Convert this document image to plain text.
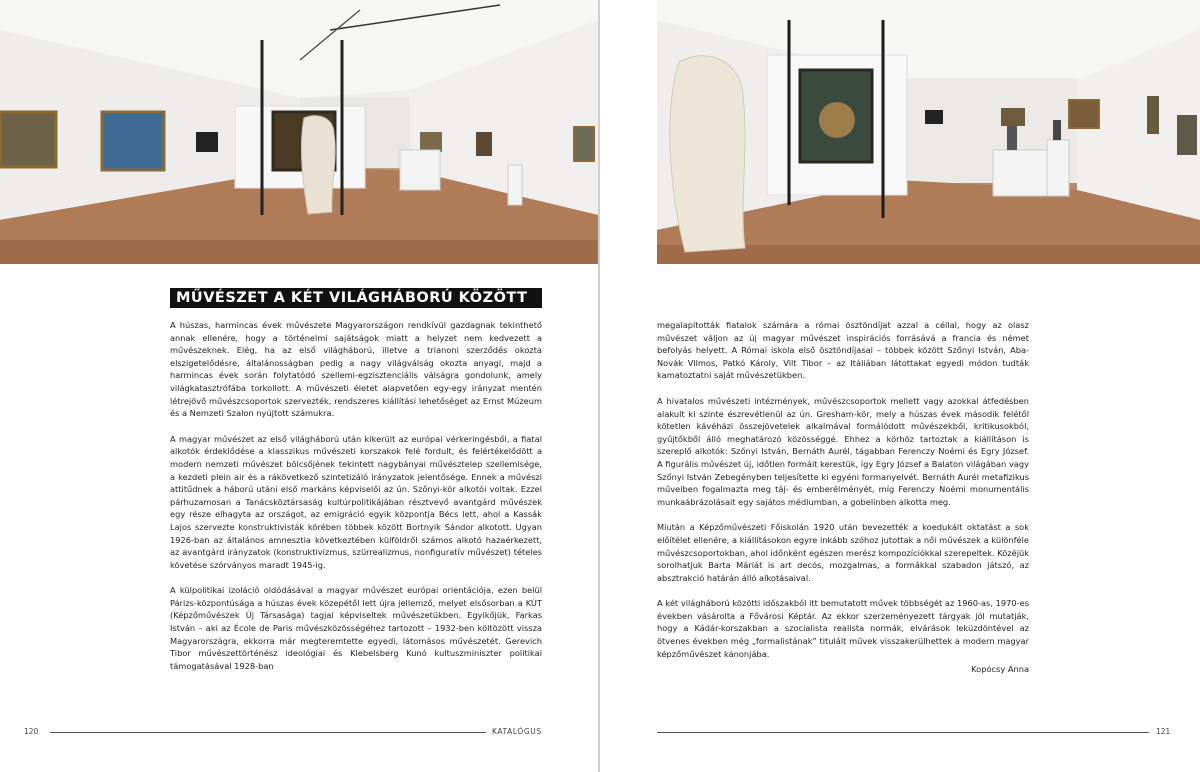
MŰVÉSZET A KÉT VILÁGHÁBORÚ KÖZÖTT

A húszas, harmincas évek művészete Magyarországon rendkívül gazdagnak tekinthető annak ellenére, hogy a történelmi sajátságok miatt a helyzet nem kedvezett a művészeknek. Elég, ha az első világháború, illetve a trianoni szerződés okozta elszigetelődésre, általánosságban pedig a nagy világválság okozta anyagi, majd a harmincas évek során folytatódó szellemi-egzisztenciális válságra gondolunk, amely világkatasztrófába torkollott. A művészeti életet alapvetően egy-egy irányzat mentén létrejövő művészcsoportok szervezték, rendszeres kiállítási lehetőséget az Ernst Múzeum és a Nemzeti Szalon nyújtott számukra.

A magyar művészet az első világháború után kikerült az európai vérkeringésből, a fiatal alkotók érdeklődése a klasszikus művészeti korszakok felé fordult, és felértékelődött a modern nemzeti művészet bölcsőjének tekintett nagybányai művésztelep szellemisége, a kezdeti plein air és a rákövetkező szintetizáló irányzatok jelentősége. Ennek a művészi attitűdnek a háború utáni első markáns képviselői az ún. Szőnyi-kör alkotói voltak. Ezzel párhuzamosan a Tanácsköztársaság kultúrpolitikájában résztvevő avantgárd művészek egy része elhagyta az országot, az emigráció egyik központja Bécs lett, ahol a Kassák Lajos szervezte konstruktivisták körében többek között Bortnyik Sándor alkotott. Ugyan 1926-ban az általános amnesztia következtében külföldről számos alkotó hazaérkezett, az avantgárd irányzatok (konstruktivizmus, szürrealizmus, nonfiguratív művészet) tételes követése szórványos maradt 1945-ig.

A külpolitikai izoláció oldódásával a magyar művészet európai orientációja, ezen belül Párizs-központúsága a húszas évek közepétől lett újra jellemző, melyet elsősorban a KÚT (Képzőművészek Új Társasága) tagjai képviseltek művészetükben. Egyikőjük, Farkas István – aki az École de Paris művészközösségéhez tartozott – 1932-ben költözött vissza Magyarországra, ekkorra már megteremtette egyedi, látomásos művészetét. Gerevich Tibor művészettörténész ideológiai és Klebelsberg Kunó kultuszminiszter politikai támogatásával 1928-ban

120	KATALÓGUS

megalapították fiatalok számára a római ösztöndíjat azzal a céllal, hogy az olasz művészet váljon az új magyar művészet inspirációs forrásává a francia és német befolyás helyett. A Római iskola első ösztöndíjasai – többek között Szőnyi István, Aba-Novák Vilmos, Patkó Károly, Vilt Tibor – az Itáliában látottakat egyedi módon tudták kamatoztatni saját művészetükben.

A hivatalos művészeti intézmények, művészcsoportok mellett vagy azokkal átfedésben alakult ki szinte észrevétlenül az ún. Gresham-kör, mely a húszas évek második felétől kötetlen kávéházi összejövetelek alkalmával formálódott művészekből, kritikusokból, gyűjtőkből álló meghatározó közösséggé. Ehhez a körhöz tartoztak a kiállításon is szereplő alkotók: Szőnyi István, Bernáth Aurél, tágabban Ferenczy Noémi és Egry József. A figurális művészet új, időtlen formáit kerestük, így Egry József a Balaton világában vagy Szőnyi István Zebegényben teljesítette ki egyéni formanyelvét. Bernáth Aurél metafizikus műveiben fogalmazta meg táj- és emberélményét, míg Ferenczy Noémi monumentális munkaábrázolásait egy sajátos médiumban, a gobelinben alkotta meg.

Miután a Képzőművészeti Főiskolán 1920 után bevezették a koedukált oktatást a sok előítélet ellenére, a kiállításokon egyre inkább szóhoz jutottak a női művészek a különféle művészcsoportokban, ahol időnként egészen merész kompozíciókkal szerepeltek. Közéjük sorolhatjuk Barta Máriát is art decós, mozgalmas, a formákkal szabadon játszó, az absztrakció határán álló alkotásaival.

A két világháború közötti időszakból itt bemutatott művek többségét az 1960-as, 1970-es években vásárolta a Fővárosi Képtár. Az ekkor szerzeményezett tárgyak jól mutatják, hogy a Kádár-korszakban a szocialista realista normák, elvárások leküzdöntével az ötvenes években még „formalistának” titulált művek visszakerülhettek a modern magyar képzőművészet kánonjába.

Kopócsy Anna

121
